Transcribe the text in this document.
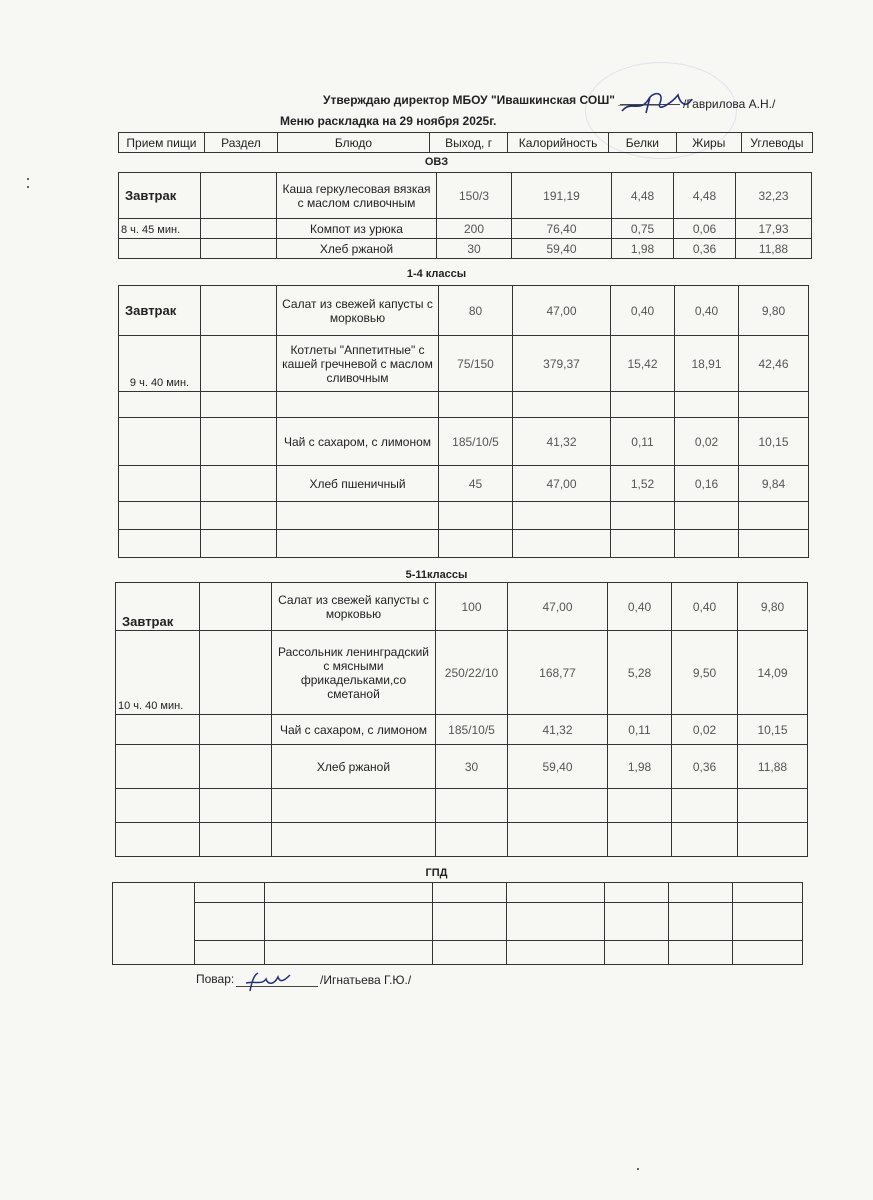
Утверждаю директор МБОУ "Ивашкинская СОШ" ______ /Гаврилова А.Н./
Меню раскладка на 29 ноября 2025г.
Прием пищи	Раздел	Блюдо	Выход, г	Калорийность	Белки	Жиры	Углеводы
ОВЗ
Завтрак		Каша геркулесовая вязкая с маслом сливочным	150/3	191,19	4,48	4,48	32,23
8 ч. 45 мин.		Компот из урюка	200	76,40	0,75	0,06	17,93
		Хлеб ржаной	30	59,40	1,98	0,36	11,88
1-4 классы
Завтрак		Салат из свежей капусты с морковью	80	47,00	0,40	0,40	9,80
9 ч. 40 мин.		Котлеты "Аппетитные" с кашей гречневой с маслом сливочным	75/150	379,37	15,42	18,91	42,46

		Чай с сахаром, с лимоном	185/10/5	41,32	0,11	0,02	10,15
		Хлеб пшеничный	45	47,00	1,52	0,16	9,84

5-11классы
Завтрак		Салат из свежей капусты с морковью	100	47,00	0,40	0,40	9,80
10 ч. 40 мин.		Рассольник ленинградский с мясными фрикадельками,со сметаной	250/22/10	168,77	5,28	9,50	14,09
		Чай с сахаром, с лимоном	185/10/5	41,32	0,11	0,02	10,15
		Хлеб ржаной	30	59,40	1,98	0,36	11,88

ГПД

Повар:	/Игнатьева Г.Ю./
